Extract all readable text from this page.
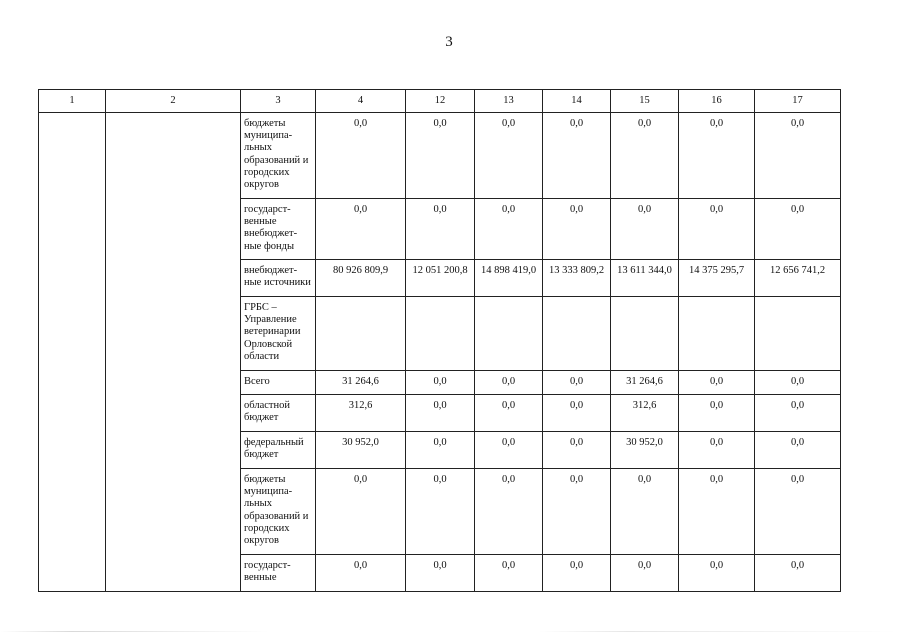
3
1	2	3	4	12	13	14	15	16	17
		бюджеты муниципа-льных образований и городских округов	0,0	0,0	0,0	0,0	0,0	0,0	0,0
		государст-венные внебюджет-ные фонды	0,0	0,0	0,0	0,0	0,0	0,0	0,0
		внебюджет-ные источники	80 926 809,9	12 051 200,8	14 898 419,0	13 333 809,2	13 611 344,0	14 375 295,7	12 656 741,2
		ГРБС – Управление ветеринарии Орловской области							
		Всего	31 264,6	0,0	0,0	0,0	31 264,6	0,0	0,0
		областной бюджет	312,6	0,0	0,0	0,0	312,6	0,0	0,0
		федеральный бюджет	30 952,0	0,0	0,0	0,0	30 952,0	0,0	0,0
		бюджеты муниципа-льных образований и городских округов	0,0	0,0	0,0	0,0	0,0	0,0	0,0
		государст-венные	0,0	0,0	0,0	0,0	0,0	0,0	0,0
